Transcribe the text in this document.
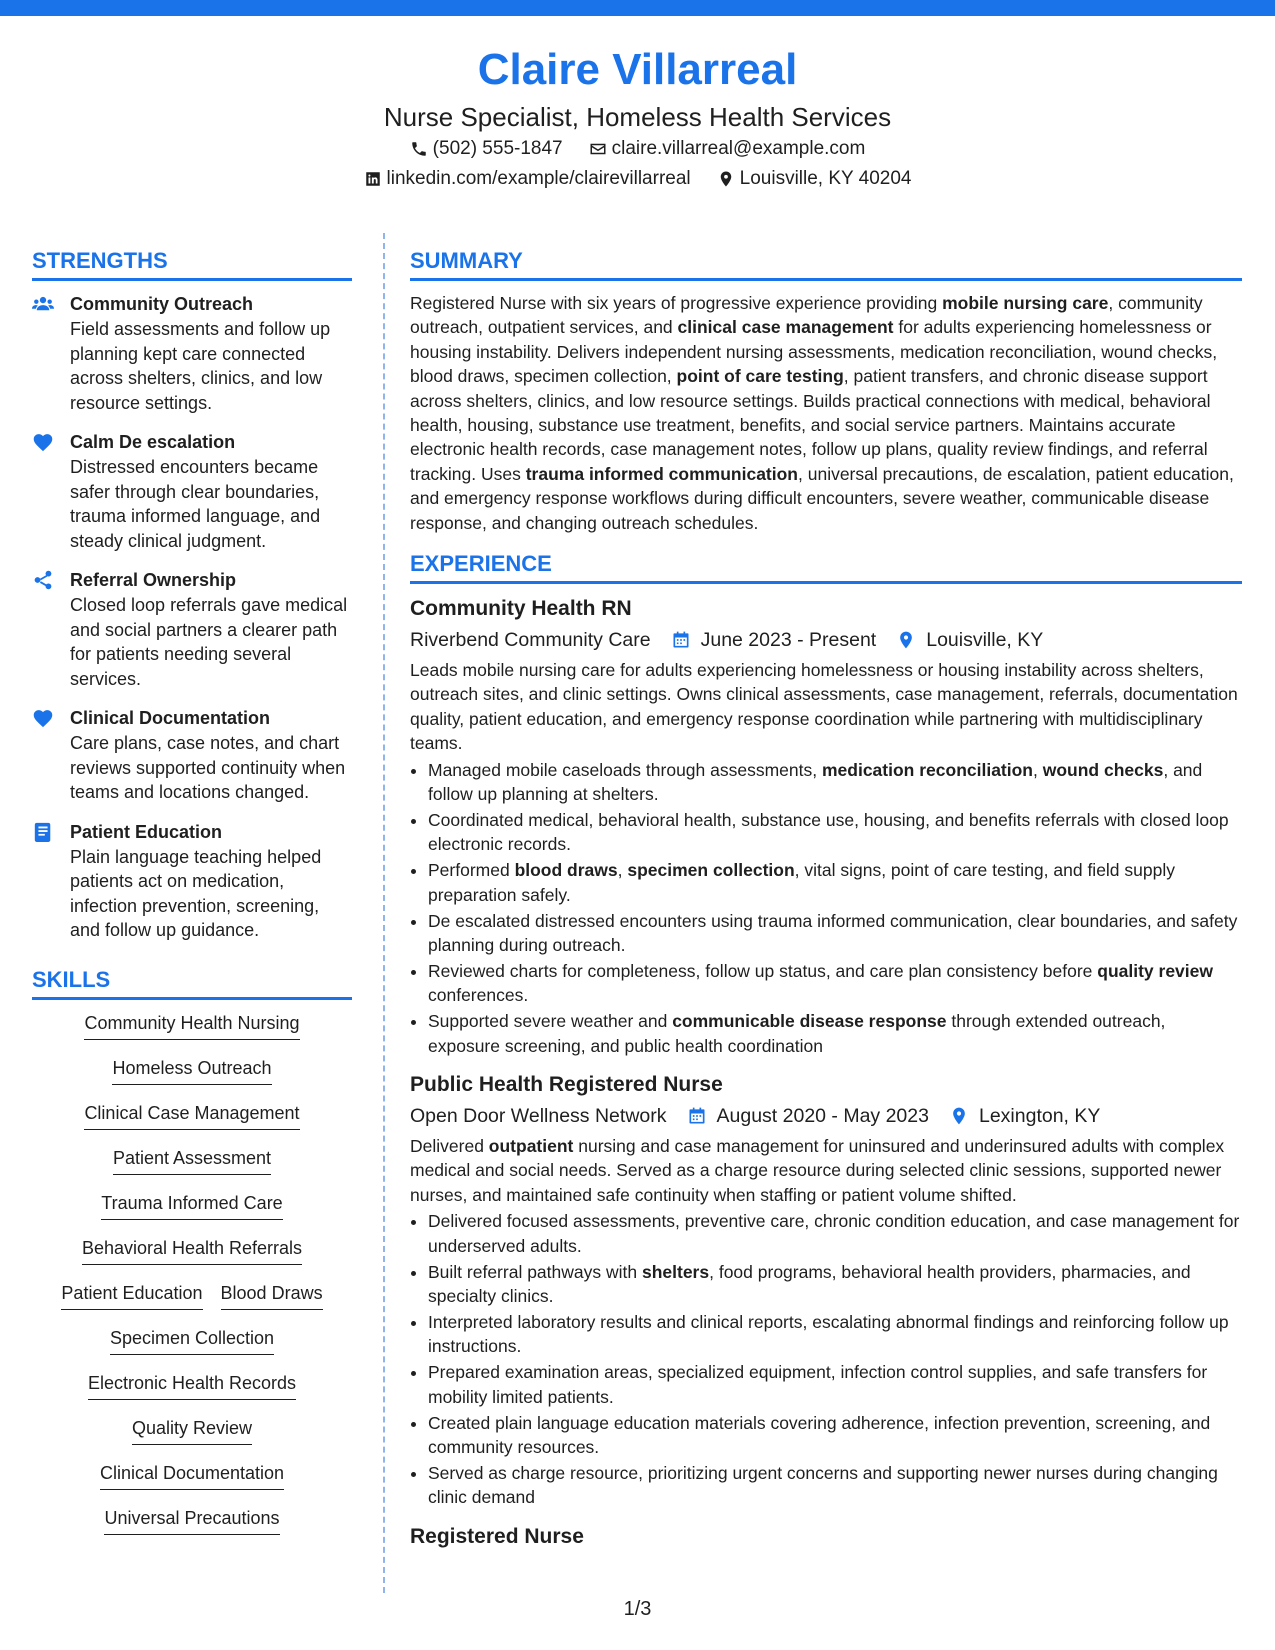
Claire Villarreal
Nurse Specialist, Homeless Health Services
(502) 555-1847	claire.villarreal@example.com
linkedin.com/example/clairevillarreal	Louisville, KY 40204
STRENGTHS
Community Outreach
Field assessments and follow up planning kept care connected across shelters, clinics, and low resource settings.
Calm De escalation
Distressed encounters became safer through clear boundaries, trauma informed language, and steady clinical judgment.
Referral Ownership
Closed loop referrals gave medical and social partners a clearer path for patients needing several services.
Clinical Documentation
Care plans, case notes, and chart reviews supported continuity when teams and locations changed.
Patient Education
Plain language teaching helped patients act on medication, infection prevention, screening, and follow up guidance.
SKILLS
Community Health Nursing
Homeless Outreach
Clinical Case Management
Patient Assessment
Trauma Informed Care
Behavioral Health Referrals
Patient Education Blood Draws
Specimen Collection
Electronic Health Records
Quality Review
Clinical Documentation
Universal Precautions
SUMMARY
Registered Nurse with six years of progressive experience providing mobile nursing care, community outreach, outpatient services, and clinical case management for adults experiencing homelessness or housing instability. Delivers independent nursing assessments, medication reconciliation, wound checks, blood draws, specimen collection, point of care testing, patient transfers, and chronic disease support across shelters, clinics, and low resource settings. Builds practical connections with medical, behavioral health, housing, substance use treatment, benefits, and social service partners. Maintains accurate electronic health records, case management notes, follow up plans, quality review findings, and referral tracking. Uses trauma informed communication, universal precautions, de escalation, patient education, and emergency response workflows during difficult encounters, severe weather, communicable disease response, and changing outreach schedules.
EXPERIENCE
Community Health RN
Riverbend Community Care	June 2023 - Present	Louisville, KY
Leads mobile nursing care for adults experiencing homelessness or housing instability across shelters, outreach sites, and clinic settings. Owns clinical assessments, case management, referrals, documentation quality, patient education, and emergency response coordination while partnering with multidisciplinary teams.
• Managed mobile caseloads through assessments, medication reconciliation, wound checks, and follow up planning at shelters.
• Coordinated medical, behavioral health, substance use, housing, and benefits referrals with closed loop electronic records.
• Performed blood draws, specimen collection, vital signs, point of care testing, and field supply preparation safely.
• De escalated distressed encounters using trauma informed communication, clear boundaries, and safety planning during outreach.
• Reviewed charts for completeness, follow up status, and care plan consistency before quality review conferences.
• Supported severe weather and communicable disease response through extended outreach, exposure screening, and public health coordination
Public Health Registered Nurse
Open Door Wellness Network	August 2020 - May 2023	Lexington, KY
Delivered outpatient nursing and case management for uninsured and underinsured adults with complex medical and social needs. Served as a charge resource during selected clinic sessions, supported newer nurses, and maintained safe continuity when staffing or patient volume shifted.
• Delivered focused assessments, preventive care, chronic condition education, and case management for underserved adults.
• Built referral pathways with shelters, food programs, behavioral health providers, pharmacies, and specialty clinics.
• Interpreted laboratory results and clinical reports, escalating abnormal findings and reinforcing follow up instructions.
• Prepared examination areas, specialized equipment, infection control supplies, and safe transfers for mobility limited patients.
• Created plain language education materials covering adherence, infection prevention, screening, and community resources.
• Served as charge resource, prioritizing urgent concerns and supporting newer nurses during changing clinic demand
Registered Nurse
1/3
